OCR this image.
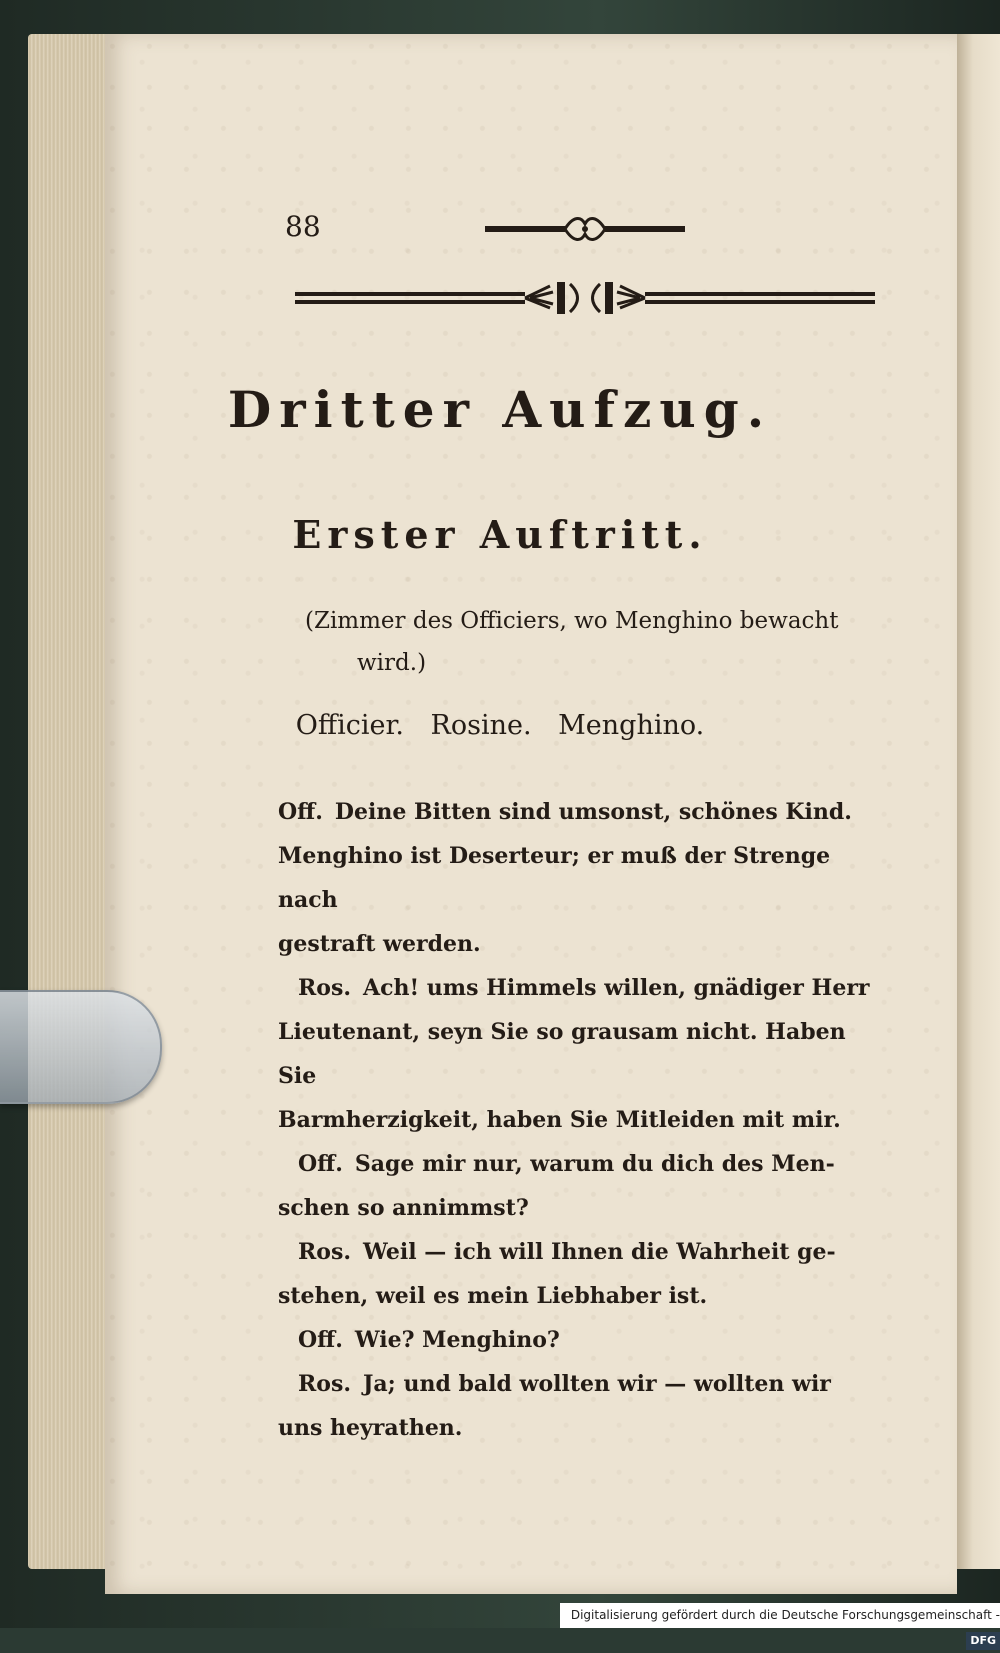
88
Dritter Aufzug.
Erster Auftritt.
(Zimmer des Officiers, wo Menghino bewacht
wird.)
Officier. Rosine. Menghino.
Off. Deine Bitten sind umsonst, schönes Kind.
Menghino ist Deserteur; er muß der Strenge nach
gestraft werden.
Ros. Ach! ums Himmels willen, gnädiger Herr
Lieutenant, seyn Sie so grausam nicht. Haben Sie
Barmherzigkeit, haben Sie Mitleiden mit mir.
Off. Sage mir nur, warum du dich des Men-
schen so annimmst?
Ros. Weil — ich will Ihnen die Wahrheit ge-
stehen, weil es mein Liebhaber ist.
Off. Wie? Menghino?
Ros. Ja; und bald wollten wir — wollten wir
uns heyrathen.
Digitalisierung gefördert durch die Deutsche Forschungsgemeinschaft -DFG
